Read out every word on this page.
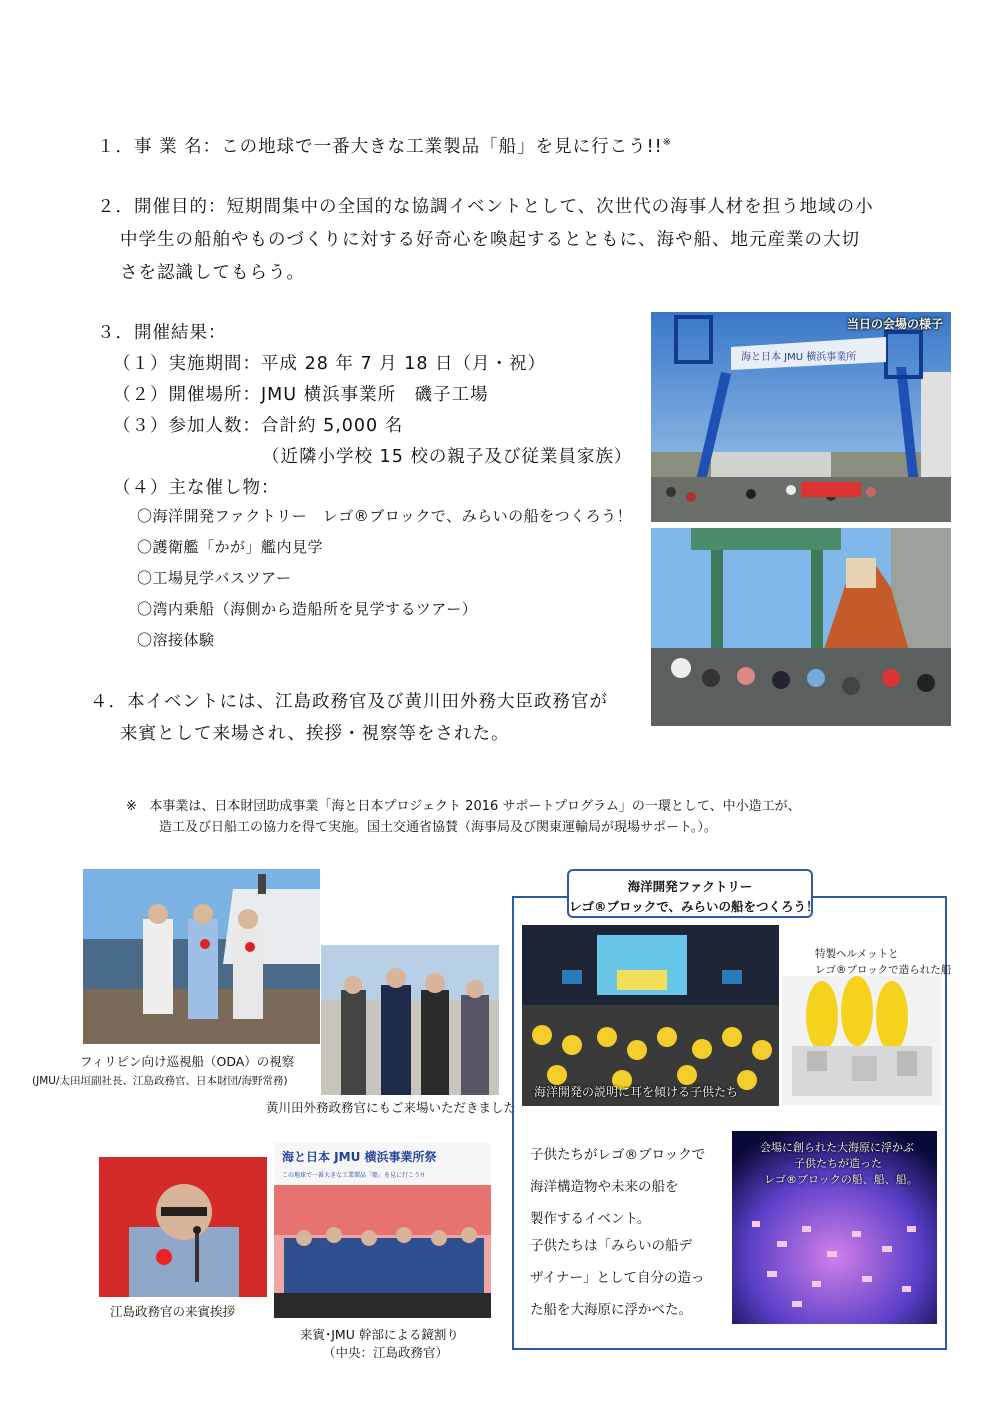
１．事 業 名：この地球で一番大きな工業製品「船」を見に行こう!!※
２．開催目的：短期間集中の全国的な協調イベントとして、次世代の海事人材を担う地域の小
中学生の船舶やものづくりに対する好奇心を喚起するとともに、海や船、地元産業の大切
さを認識してもらう。
３．開催結果：
（１）実施期間：平成 28 年 7 月 18 日（月・祝）
（２）開催場所：JMU 横浜事業所　磯子工場
（３）参加人数：合計約 5,000 名
（近隣小学校 15 校の親子及び従業員家族）
（４）主な催し物：
〇海洋開発ファクトリー　レゴ®ブロックで、みらいの船をつくろう！
〇護衛艦「かが」艦内見学
〇工場見学バスツアー
〇湾内乗船（海側から造船所を見学するツアー）
〇溶接体験
４．本イベントには、江島政務官及び黄川田外務大臣政務官が
来賓として来場され、挨拶・視察等をされた。
※ 本事業は、日本財団助成事業「海と日本プロジェクト 2016 サポートプログラム」の一環として、中小造工が、
造工及び日船工の協力を得て実施。国土交通省協賛（海事局及び関東運輸局が現場サポート。）。
海と日本 JMU 横浜事業所
当日の会場の様子
フィリピン向け巡視船（ODA）の視察
(JMU/太田垣副社長、江島政務官、日本財団/海野常務)
黄川田外務政務官にもご来場いただきました
江島政務官の来賓挨拶
海と日本 JMU 横浜事業所祭
この地球で一番大きな工業製品「船」を見に行こう!!
来賓･JMU 幹部による鏡割り
（中央：江島政務官）
海洋開発ファクトリー
レゴ®ブロックで、みらいの船をつくろう！
海洋開発の説明に耳を傾ける子供たち
特製ヘルメットと
レゴ®ブロックで造られた船
子供たちがレゴ®ブロックで
海洋構造物や未来の船を
製作するイベント。
子供たちは「みらいの船デ
ザイナー」として自分の造っ
た船を大海原に浮かべた。
会場に創られた大海原に浮かぶ
子供たちが造った
レゴ®ブロックの船、船、船。
